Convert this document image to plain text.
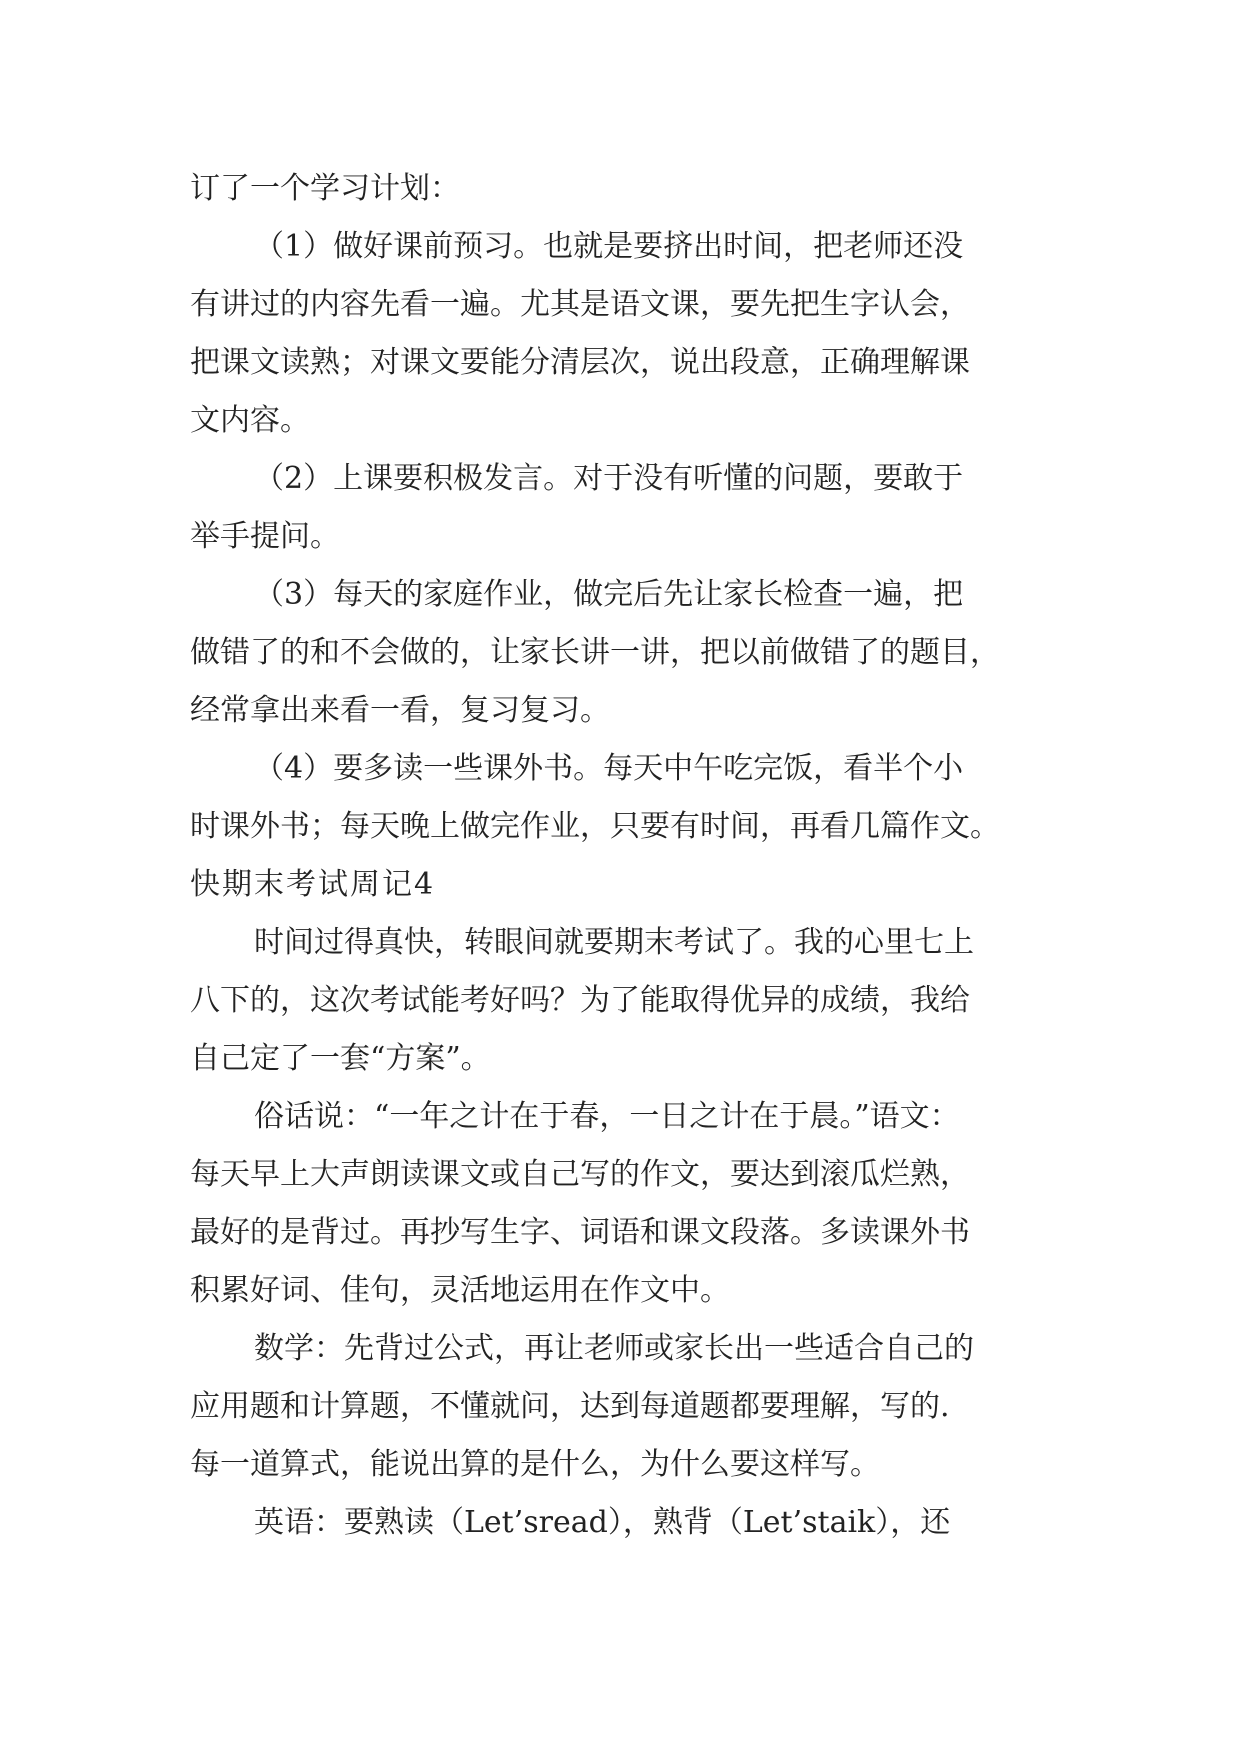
订了一个学习计划：
（1）做好课前预习。也就是要挤出时间，把老师还没
有讲过的内容先看一遍。尤其是语文课，要先把生字认会，
把课文读熟；对课文要能分清层次，说出段意，正确理解课
文内容。
（2）上课要积极发言。对于没有听懂的问题，要敢于
举手提问。
（3）每天的家庭作业，做完后先让家长检查一遍，把
做错了的和不会做的，让家长讲一讲，把以前做错了的题目，
经常拿出来看一看，复习复习。
（4）要多读一些课外书。每天中午吃完饭，看半个小
时课外书；每天晚上做完作业，只要有时间，再看几篇作文。
快期末考试周记4
时间过得真快，转眼间就要期末考试了。我的心里七上
八下的，这次考试能考好吗？为了能取得优异的成绩，我给
自己定了一套“方案”。
俗话说：“一年之计在于春，一日之计在于晨。”语文：
每天早上大声朗读课文或自己写的作文，要达到滚瓜烂熟，
最好的是背过。再抄写生字、词语和课文段落。多读课外书
积累好词、佳句，灵活地运用在作文中。
数学：先背过公式，再让老师或家长出一些适合自己的
应用题和计算题，不懂就问，达到每道题都要理解，写的.
每一道算式，能说出算的是什么，为什么要这样写。
英语：要熟读（Let’sread），熟背（Let’staik），还
